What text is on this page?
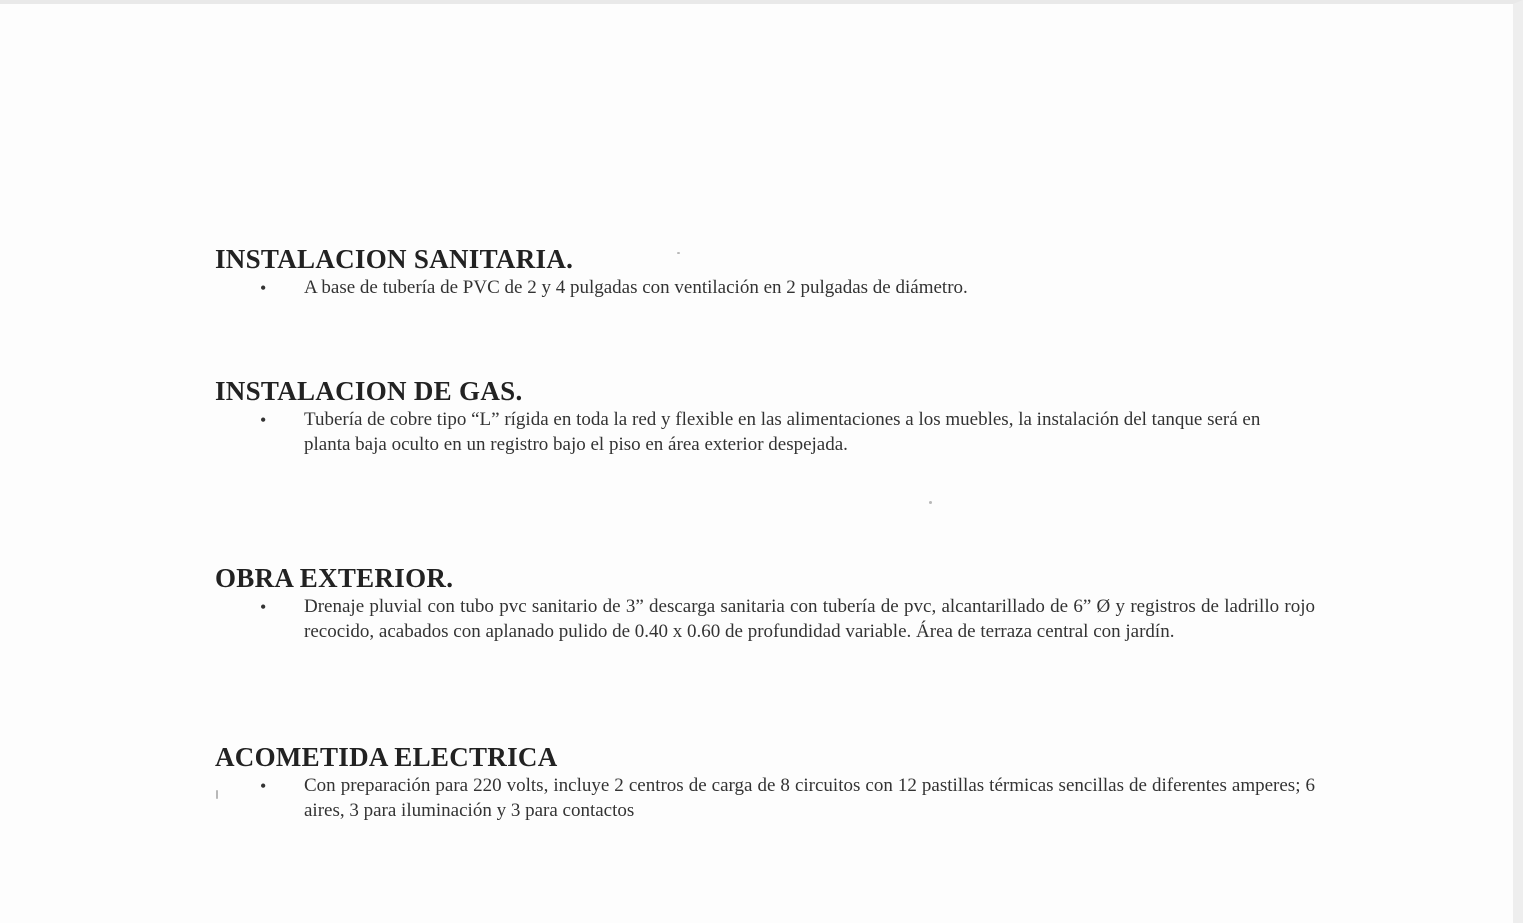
INSTALACION SANITARIA.
• A base de tubería de PVC de 2 y 4 pulgadas con ventilación en 2 pulgadas de diámetro.
INSTALACION DE GAS.
• Tubería de cobre tipo “L” rígida en toda la red y flexible en las alimentaciones a los muebles, la instalación del tanque será en planta baja oculto en un registro bajo el piso en área exterior despejada.
OBRA EXTERIOR.
• Drenaje pluvial con tubo pvc sanitario de 3” descarga sanitaria con tubería de pvc, alcantarillado de 6” Ø y registros de ladrillo rojo recocido, acabados con aplanado pulido de 0.40 x 0.60 de profundidad variable. Área de terraza central con jardín.
ACOMETIDA ELECTRICA
• Con preparación para 220 volts, incluye 2 centros de carga de 8 circuitos con 12 pastillas térmicas sencillas de diferentes amperes; 6 aires, 3 para iluminación y 3 para contactos
